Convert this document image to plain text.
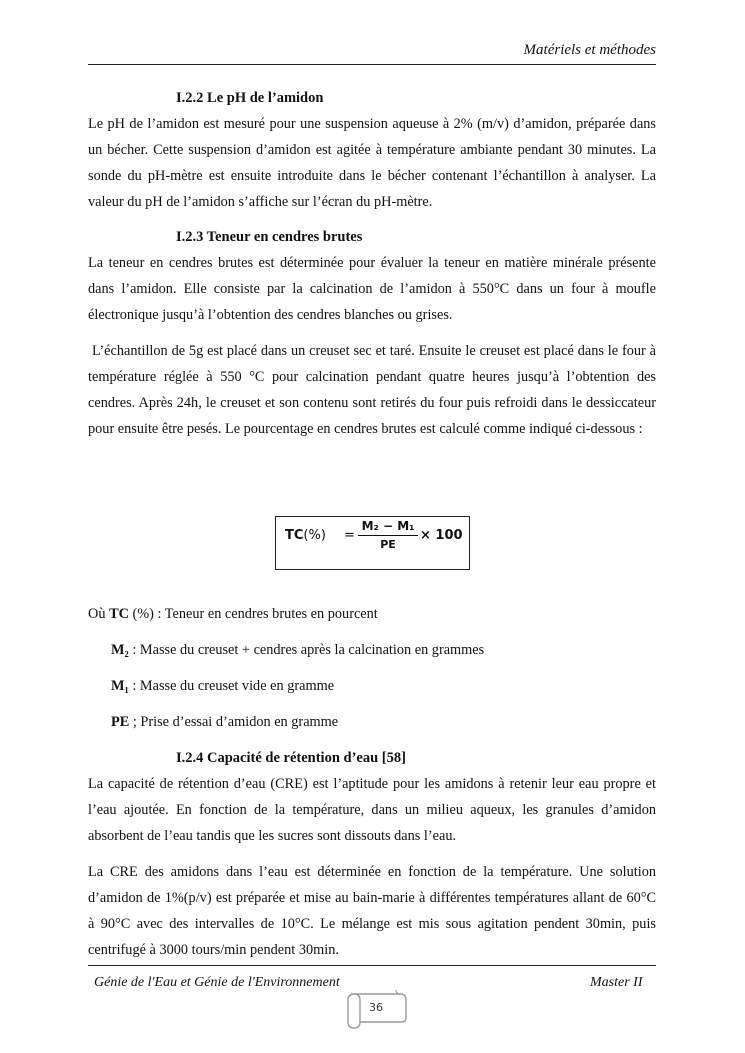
Matériels et méthodes
I.2.2 Le pH de l’amidon
Le pH de l’amidon est mesuré pour une suspension aqueuse à 2% (m/v) d’amidon, préparée dans un bécher. Cette suspension d’amidon est agitée à température ambiante pendant 30 minutes. La sonde du pH-mètre est ensuite introduite dans le bécher contenant l’échantillon à analyser. La valeur du pH de l’amidon s’affiche sur l’écran du pH-mètre.
I.2.3 Teneur en cendres brutes
La teneur en cendres brutes est déterminée pour évaluer la teneur en matière minérale présente dans l’amidon. Elle consiste par la calcination de l’amidon à 550°C dans un four à moufle électronique jusqu’à l’obtention des cendres blanches ou grises.
L’échantillon de 5g est placé dans un creuset sec et taré. Ensuite le creuset est placé dans le four à température réglée à 550 °C pour calcination pendant quatre heures jusqu’à l’obtention des cendres. Après 24h, le creuset et son contenu sont retirés du four puis refroidi dans le dessiccateur pour ensuite être pesés. Le pourcentage en cendres brutes est calculé comme indiqué ci-dessous :
$TC(\%) = \frac{\text{M₂ − M₁}}{PE} \times 100$
Où TC (%) : Teneur en cendres brutes en pourcent
M₂ : Masse du creuset + cendres après la calcination en grammes
M₁ : Masse du creuset vide en gramme
PE ; Prise d’essai d’amidon en gramme
I.2.4 Capacité de rétention d’eau [58]
La capacité de rétention d’eau (CRE) est l’aptitude pour les amidons à retenir leur eau propre et l’eau ajoutée. En fonction de la température, dans un milieu aqueux, les granules d’amidon absorbent de l’eau tandis que les sucres sont dissouts dans l’eau.
La CRE des amidons dans l’eau est déterminée en fonction de la température. Une solution d’amidon de 1%(p/v) est préparée et mise au bain-marie à différentes températures allant de 60°C à 90°C avec des intervalles de 10°C. Le mélange est mis sous agitation pendent 30min, puis centrifugé à 3000 tours/min pendent 30min.
Génie de l'Eau et Génie de l'Environnement	Master II
36
